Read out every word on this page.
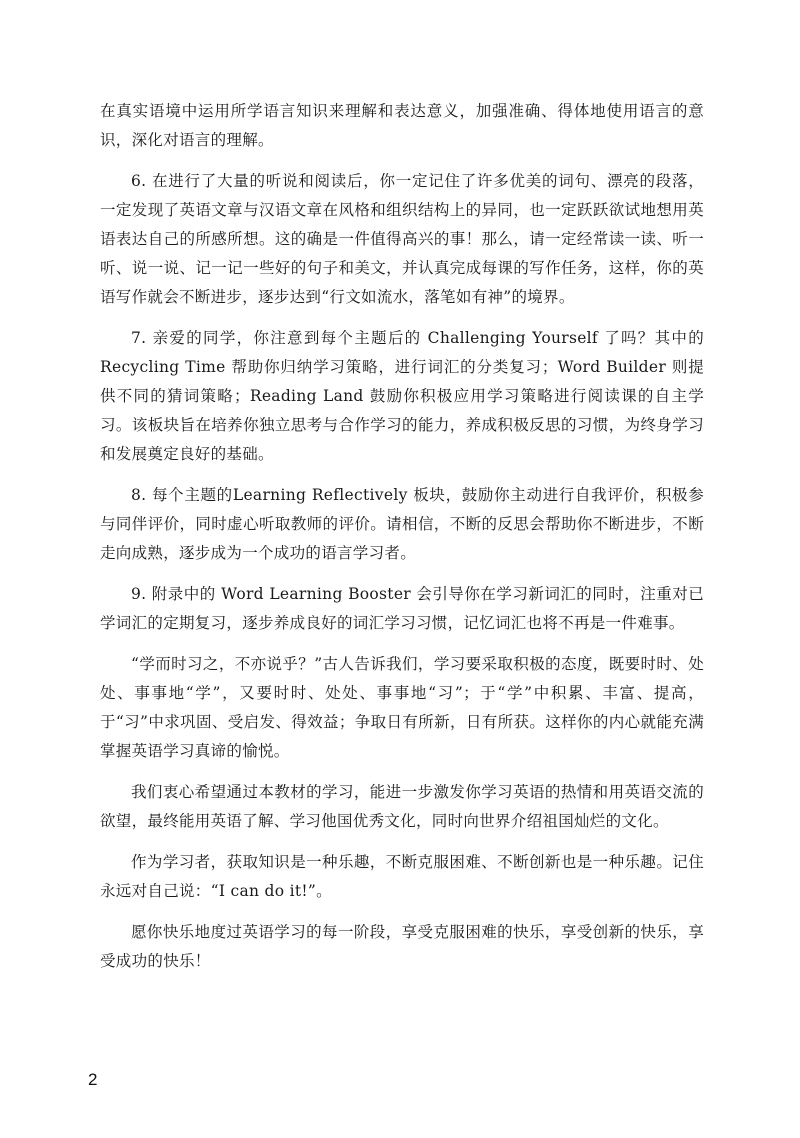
在真实语境中运用所学语言知识来理解和表达意义，加强准确、得体地使用语言的意识，深化对语言的理解。

6. 在进行了大量的听说和阅读后，你一定记住了许多优美的词句、漂亮的段落，一定发现了英语文章与汉语文章在风格和组织结构上的异同，也一定跃跃欲试地想用英语表达自己的所感所想。这的确是一件值得高兴的事！那么，请一定经常读一读、听一听、说一说、记一记一些好的句子和美文，并认真完成每课的写作任务，这样，你的英语写作就会不断进步，逐步达到“行文如流水，落笔如有神”的境界。

7. 亲爱的同学，你注意到每个主题后的 Challenging Yourself 了吗？其中的 Recycling Time 帮助你归纳学习策略，进行词汇的分类复习；Word Builder 则提供不同的猜词策略；Reading Land 鼓励你积极应用学习策略进行阅读课的自主学习。该板块旨在培养你独立思考与合作学习的能力，养成积极反思的习惯，为终身学习和发展奠定良好的基础。

8. 每个主题的Learning Reflectively 板块，鼓励你主动进行自我评价，积极参与同伴评价，同时虚心听取教师的评价。请相信，不断的反思会帮助你不断进步，不断走向成熟，逐步成为一个成功的语言学习者。

9. 附录中的 Word Learning Booster 会引导你在学习新词汇的同时，注重对已学词汇的定期复习，逐步养成良好的词汇学习习惯，记忆词汇也将不再是一件难事。

“学而时习之，不亦说乎？”古人告诉我们，学习要采取积极的态度，既要时时、处处、事事地“学”，又要时时、处处、事事地“习”；于“学”中积累、丰富、提高，于“习”中求巩固、受启发、得效益；争取日有所新，日有所获。这样你的内心就能充满掌握英语学习真谛的愉悦。

我们衷心希望通过本教材的学习，能进一步激发你学习英语的热情和用英语交流的欲望，最终能用英语了解、学习他国优秀文化，同时向世界介绍祖国灿烂的文化。

作为学习者，获取知识是一种乐趣，不断克服困难、不断创新也是一种乐趣。记住永远对自己说：“I can do it!”。

愿你快乐地度过英语学习的每一阶段，享受克服困难的快乐，享受创新的快乐，享受成功的快乐！

2
